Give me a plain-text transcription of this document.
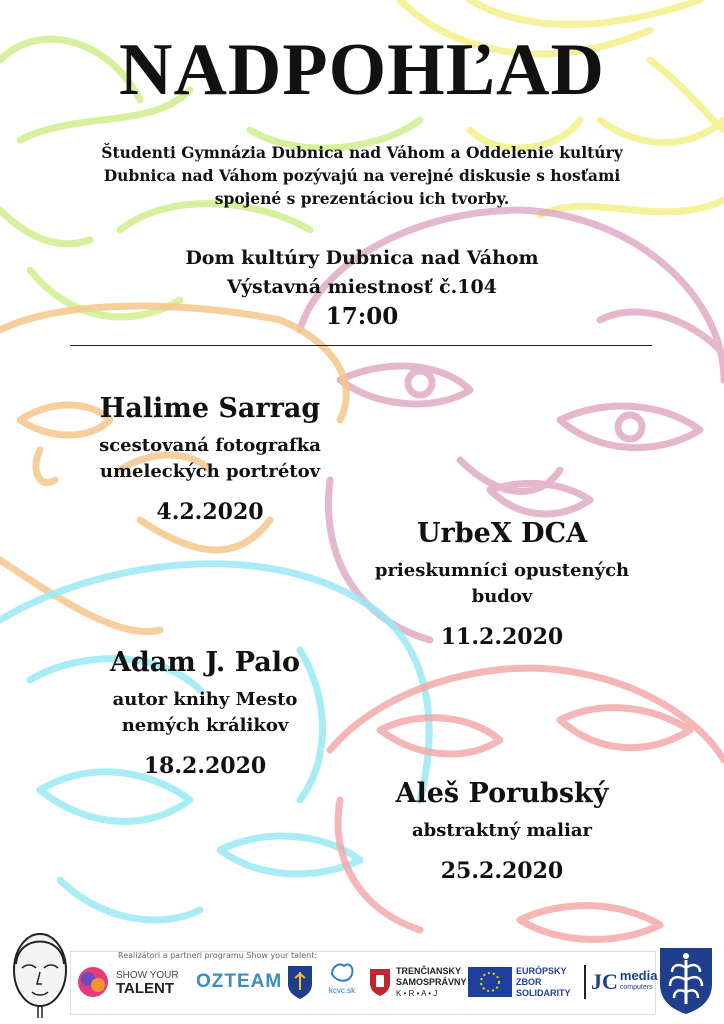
NADPOHĽAD
Študenti Gymnázia Dubnica nad Váhom a Oddelenie kultúry
Dubnica nad Váhom pozývajú na verejné diskusie s hosťami
spojené s prezentáciou ich tvorby.
Dom kultúry Dubnica nad Váhom
Výstavná miestnosť č.104
17:00
Halime Sarrag
scestovaná fotografka
umeleckých portrétov
4.2.2020
UrbeX DCA
prieskumníci opustených
budov
11.2.2020
Adam J. Palo
autor knihy Mesto
nemých králikov
18.2.2020
Aleš Porubský
abstraktný maliar
25.2.2020
Realizátori a partneri programu Show your talent:
SHOW YOUR
TALENT OZTEAM	kcvc.sk
TRENČIANSKY
SAMOSPRÁVNY
K • R • A • J
EURÓPSKY
ZBOR
SOLIDARITY JC media
computers
